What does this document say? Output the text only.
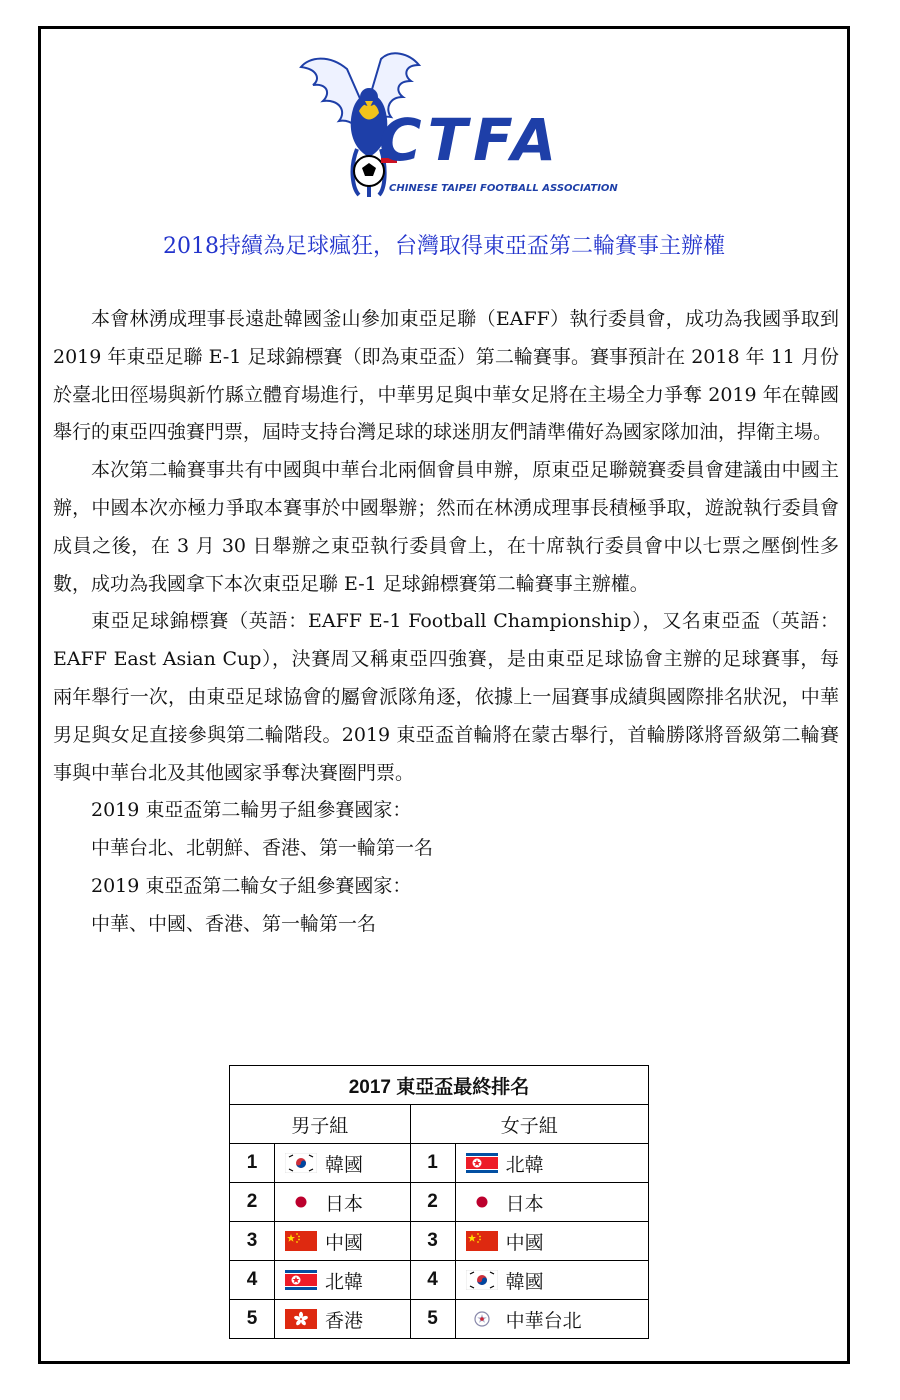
CTFA
CHINESE TAIPEI FOOTBALL ASSOCIATION
2018持續為足球瘋狂，台灣取得東亞盃第二輪賽事主辦權

本會林湧成理事長遠赴韓國釜山參加東亞足聯（EAFF）執行委員會，成功為我國爭取到 2019 年東亞足聯 E-1 足球錦標賽（即為東亞盃）第二輪賽事。賽事預計在 2018 年 11 月份於臺北田徑場與新竹縣立體育場進行，中華男足與中華女足將在主場全力爭奪 2019 年在韓國舉行的東亞四強賽門票，屆時支持台灣足球的球迷朋友們請準備好為國家隊加油，捍衛主場。

本次第二輪賽事共有中國與中華台北兩個會員申辦，原東亞足聯競賽委員會建議由中國主辦，中國本次亦極力爭取本賽事於中國舉辦；然而在林湧成理事長積極爭取，遊說執行委員會成員之後，在 3 月 30 日舉辦之東亞執行委員會上，在十席執行委員會中以七票之壓倒性多數，成功為我國拿下本次東亞足聯 E-1 足球錦標賽第二輪賽事主辦權。

東亞足球錦標賽（英語：EAFF E-1 Football Championship），又名東亞盃（英語：EAFF East Asian Cup），決賽周又稱東亞四強賽，是由東亞足球協會主辦的足球賽事，每兩年舉行一次，由東亞足球協會的屬會派隊角逐，依據上一屆賽事成績與國際排名狀況，中華男足與女足直接參與第二輪階段。2019 東亞盃首輪將在蒙古舉行，首輪勝隊將晉級第二輪賽事與中華台北及其他國家爭奪決賽圈門票。

2019 東亞盃第二輪男子組參賽國家：
中華台北、北朝鮮、香港、第一輪第一名
2019 東亞盃第二輪女子組參賽國家：
中華、中國、香港、第一輪第一名
2017 東亞盃最終排名			
男子組		女子組	
1	韓國	1	北韓
2	日本	2	日本
3	中國	3	中國
4	北韓	4	韓國
5	香港	5	中華台北
